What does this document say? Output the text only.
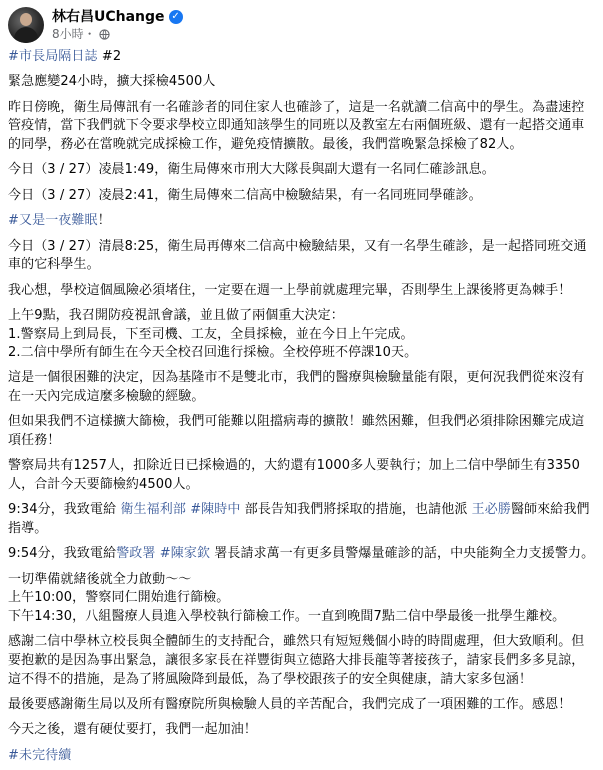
林右昌UChange ✓
8小時・

#市長局隔日誌 #2

緊急應變24小時，擴大採檢4500人

昨日傍晚，衛生局傳訊有一名確診者的同住家人也確診了，這是一名就讀二信高中的學生。為盡速控管疫情，當下我們就下令要求學校立即通知該學生的同班以及教室左右兩個班級、還有一起搭交通車的同學，務必在當晚就完成採檢工作，避免疫情擴散。最後，我們當晚緊急採檢了82人。

今日（3 / 27）凌晨1:49，衛生局傳來市刑大大隊長與副大還有一名同仁確診訊息。

今日（3 / 27）凌晨2:41，衛生局傳來二信高中檢驗結果，有一名同班同學確診。

#又是一夜難眠！

今日（3 / 27）清晨8:25，衛生局再傳來二信高中檢驗結果，又有一名學生確診，是一起搭同班交通車的它科學生。

我心想，學校這個風險必須堵住，一定要在週一上學前就處理完畢，否則學生上課後將更為棘手！

上午9點，我召開防疫視訊會議，並且做了兩個重大決定：
1.警察局上到局長，下至司機、工友，全員採檢，並在今日上午完成。
2.二信中學所有師生在今天全校召回進行採檢。全校停班不停課10天。

這是一個很困難的決定，因為基隆市不是雙北市，我們的醫療與檢驗量能有限，更何況我們從來沒有在一天內完成這麼多檢驗的經驗。

但如果我們不這樣擴大篩檢，我們可能難以阻擋病毒的擴散！雖然困難，但我們必須排除困難完成這項任務！

警察局共有1257人，扣除近日已採檢過的，大約還有1000多人要執行；加上二信中學師生有3350人，合計今天要篩檢約4500人。

9:34分，我致電給 衛生福利部 #陳時中 部長告知我們將採取的措施，也請他派 王必勝醫師來給我們指導。

9:54分，我致電給警政署 #陳家欽 署長請求萬一有更多員警爆量確診的話，中央能夠全力支援警力。

一切準備就緒後就全力啟動～～
上午10:00，警察同仁開始進行篩檢。
下午14:30，八組醫療人員進入學校執行篩檢工作。一直到晚間7點二信中學最後一批學生離校。

感謝二信中學林立校長與全體師生的支持配合，雖然只有短短幾個小時的時間處理，但大致順利。但要抱歉的是因為事出緊急，讓很多家長在祥豐街與立德路大排長龍等著接孩子，請家長們多多見諒，這不得不的措施，是為了將風險降到最低，為了學校跟孩子的安全與健康，請大家多包涵！

最後要感謝衛生局以及所有醫療院所與檢驗人員的辛苦配合，我們完成了一項困難的工作。感恩！

今天之後，還有硬仗要打，我們一起加油！

#未完待續
